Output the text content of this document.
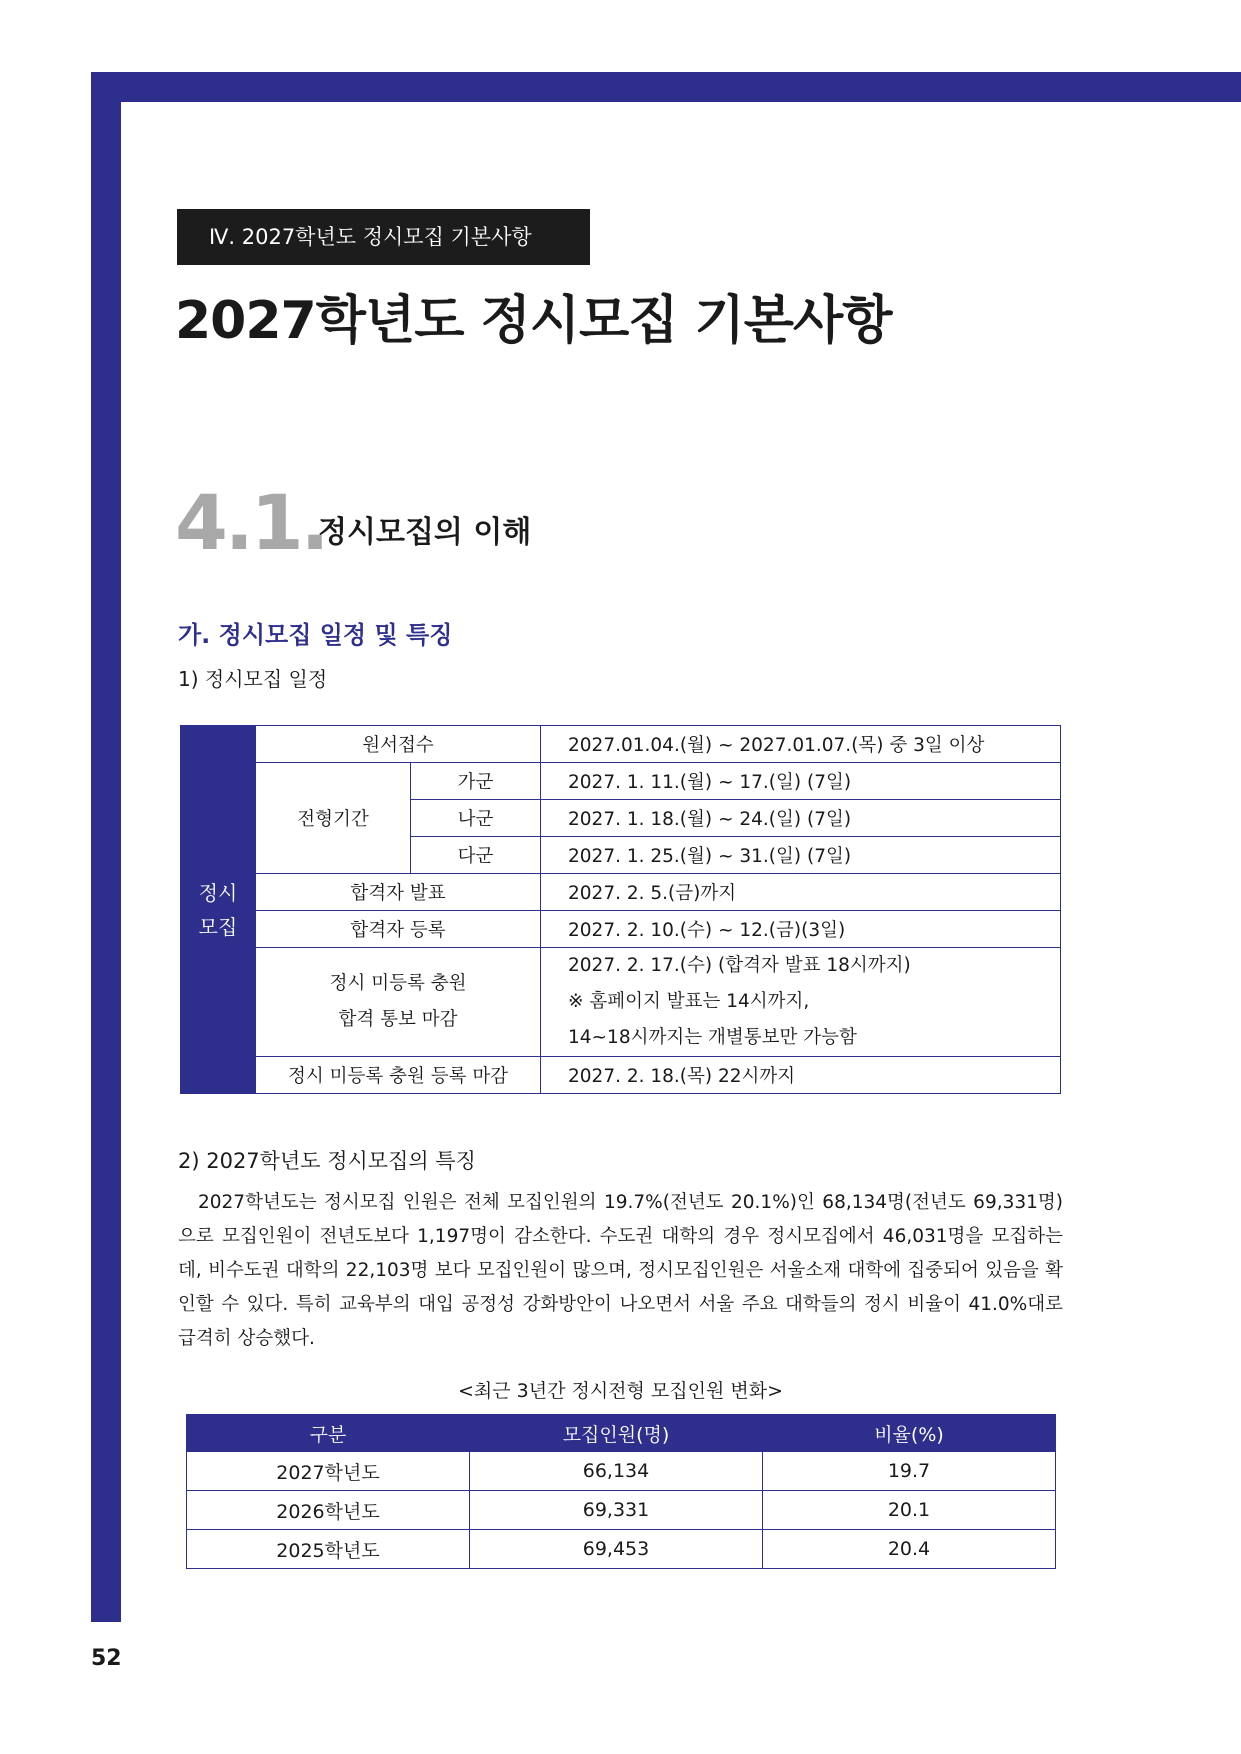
Ⅳ. 2027학년도 정시모집 기본사항
2027학년도 정시모집 기본사항
4.1.
정시모집의 이해
가. 정시모집 일정 및 특징
1) 정시모집 일정
정시
모집	원서접수		2027.01.04.(월) ~ 2027.01.07.(목) 중 3일 이상
	전형기간	가군	2027. 1. 11.(월) ~ 17.(일) (7일)
		나군	2027. 1. 18.(월) ~ 24.(일) (7일)
		다군	2027. 1. 25.(월) ~ 31.(일) (7일)
	합격자 발표		2027. 2. 5.(금)까지
	합격자 등록		2027. 2. 10.(수) ~ 12.(금)(3일)
	정시 미등록 충원
합격 통보 마감		2027. 2. 17.(수) (합격자 발표 18시까지)
※ 홈페이지 발표는 14시까지,
14~18시까지는 개별통보만 가능함
	정시 미등록 충원 등록 마감		2027. 2. 18.(목) 22시까지
2) 2027학년도 정시모집의 특징

2027학년도는 정시모집 인원은 전체 모집인원의 19.7%(전년도 20.1%)인 68,134명(전년도 69,331명)으로 모집인원이 전년도보다 1,197명이 감소한다. 수도권 대학의 경우 정시모집에서 46,031명을 모집하는데, 비수도권 대학의 22,103명 보다 모집인원이 많으며, 정시모집인원은 서울소재 대학에 집중되어 있음을 확인할 수 있다. 특히 교육부의 대입 공정성 강화방안이 나오면서 서울 주요 대학들의 정시 비율이 41.0%대로 급격히 상승했다.

<최근 3년간 정시전형 모집인원 변화>
구분	모집인원(명)	비율(%)
2027학년도	66,134	19.7
2026학년도	69,331	20.1
2025학년도	69,453	20.4
52
